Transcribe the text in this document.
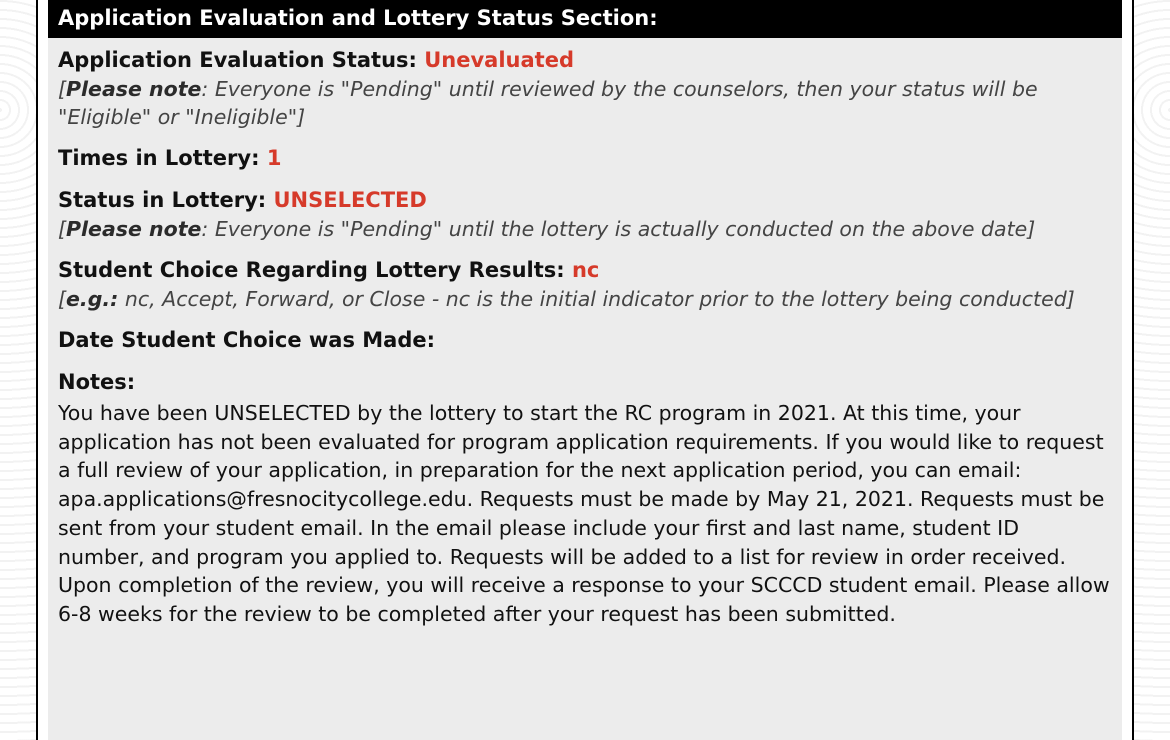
Application Evaluation and Lottery Status Section:
Application Evaluation Status: Unevaluated
[Please note: Everyone is "Pending" until reviewed by the counselors, then your status will be "Eligible" or "Ineligible"]
Times in Lottery: 1
Status in Lottery: UNSELECTED
[Please note: Everyone is "Pending" until the lottery is actually conducted on the above date]
Student Choice Regarding Lottery Results: nc
[e.g.: nc, Accept, Forward, or Close - nc is the initial indicator prior to the lottery being conducted]
Date Student Choice was Made:
Notes:
You have been UNSELECTED by the lottery to start the RC program in 2021. At this time, your application has not been evaluated for program application requirements. If you would like to request a full review of your application, in preparation for the next application period, you can email: apa.applications@fresnocitycollege.edu. Requests must be made by May 21, 2021. Requests must be sent from your student email. In the email please include your first and last name, student ID number, and program you applied to. Requests will be added to a list for review in order received. Upon completion of the review, you will receive a response to your SCCCD student email. Please allow 6-8 weeks for the review to be completed after your request has been submitted.
